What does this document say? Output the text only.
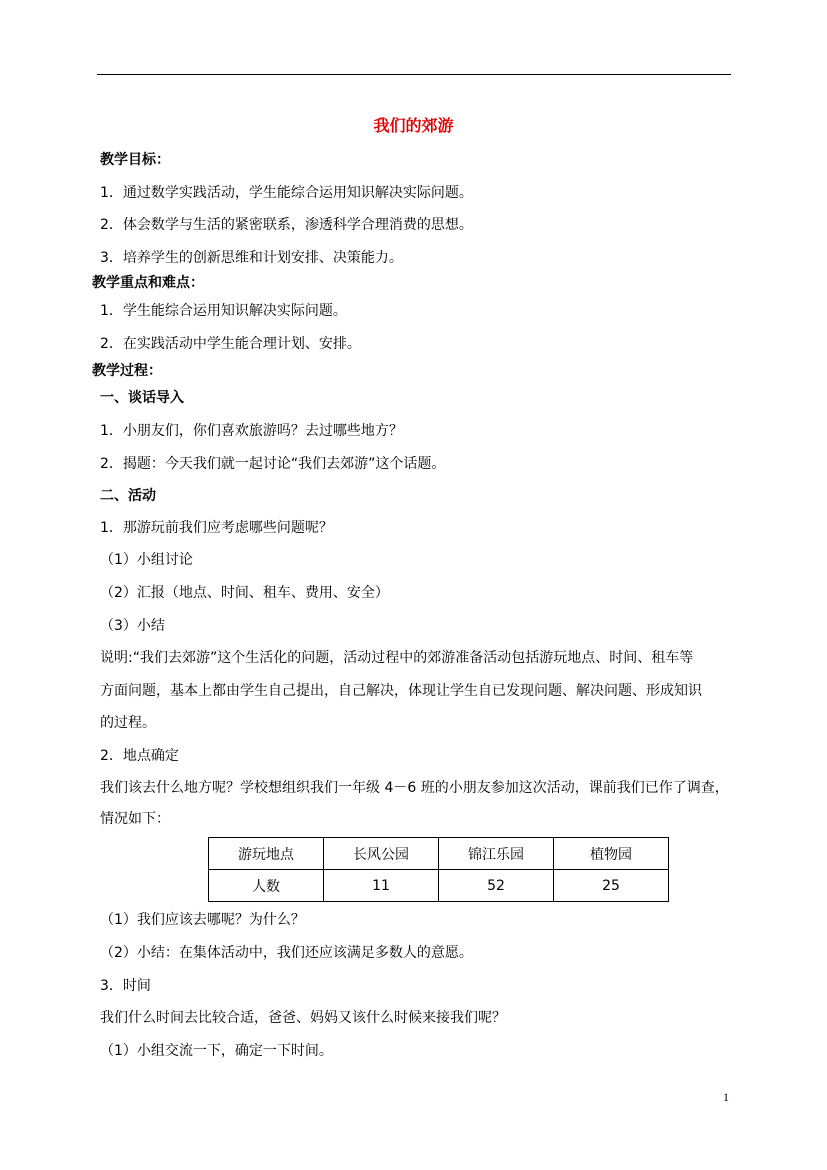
我们的郊游
教学目标：
1．通过数学实践活动，学生能综合运用知识解决实际问题。
2．体会数学与生活的紧密联系，渗透科学合理消费的思想。
3．培养学生的创新思维和计划安排、决策能力。
教学重点和难点：
1．学生能综合运用知识解决实际问题。
2．在实践活动中学生能合理计划、安排。
教学过程：
一、谈话导入
1．小朋友们，你们喜欢旅游吗？去过哪些地方？
2．揭题：今天我们就一起讨论“我们去郊游”这个话题。
二、活动
1．那游玩前我们应考虑哪些问题呢？
（1）小组讨论
（2）汇报（地点、时间、租车、费用、安全）
（3）小结
说明:“我们去郊游”这个生活化的问题，活动过程中的郊游准备活动包括游玩地点、时间、租车等
方面问题，基本上都由学生自己提出，自己解决，体现让学生自已发现问题、解决问题、形成知识
的过程。
2．地点确定
我们该去什么地方呢？学校想组织我们一年级 4－6 班的小朋友参加这次活动，课前我们已作了调查，
情况如下：
游玩地点	长风公园	锦江乐园	植物园
人数	11	52	25
（1）我们应该去哪呢？为什么？
（2）小结：在集体活动中，我们还应该满足多数人的意愿。
3．时间
我们什么时间去比较合适，爸爸、妈妈又该什么时候来接我们呢？
（1）小组交流一下，确定一下时间。
1
